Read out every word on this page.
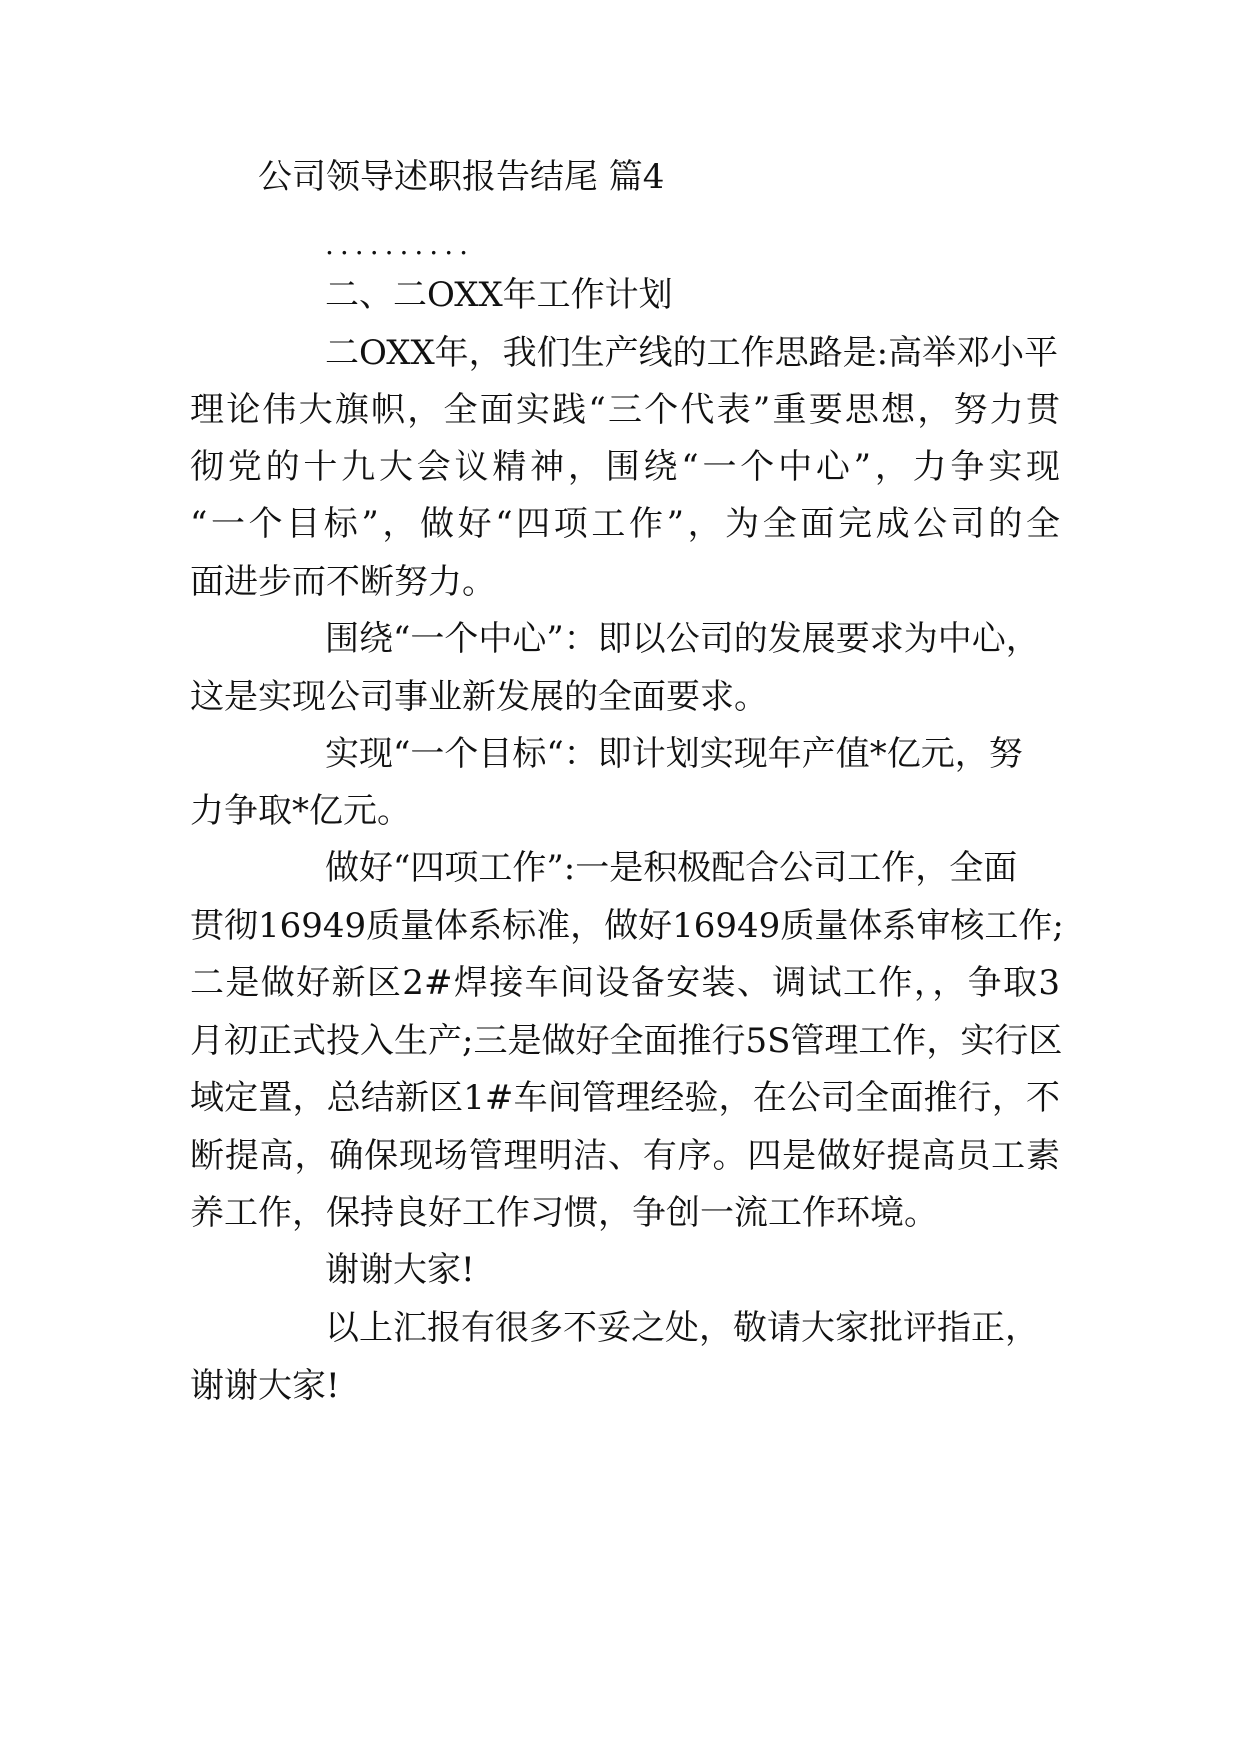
公司领导述职报告结尾 篇4
..........
二、二OXX年工作计划
二OXX年，我们生产线的工作思路是:高举邓小平
理论伟大旗帜，全面实践“三个代表”重要思想，努力贯
彻党的十九大会议精神，围绕“一个中心”，力争实现
“一个目标”，做好“四项工作”，为全面完成公司的全
面进步而不断努力。
围绕“一个中心”：即以公司的发展要求为中心，
这是实现公司事业新发展的全面要求。
实现“一个目标“：即计划实现年产值*亿元，努
力争取*亿元。
做好“四项工作”:一是积极配合公司工作，全面
贯彻16949质量体系标准，做好16949质量体系审核工作;
二是做好新区2#焊接车间设备安装、调试工作，，争取3
月初正式投入生产;三是做好全面推行5S管理工作，实行区
域定置，总结新区1#车间管理经验，在公司全面推行，不
断提高，确保现场管理明洁、有序。四是做好提高员工素
养工作，保持良好工作习惯，争创一流工作环境。
谢谢大家!
以上汇报有很多不妥之处，敬请大家批评指正，
谢谢大家!
